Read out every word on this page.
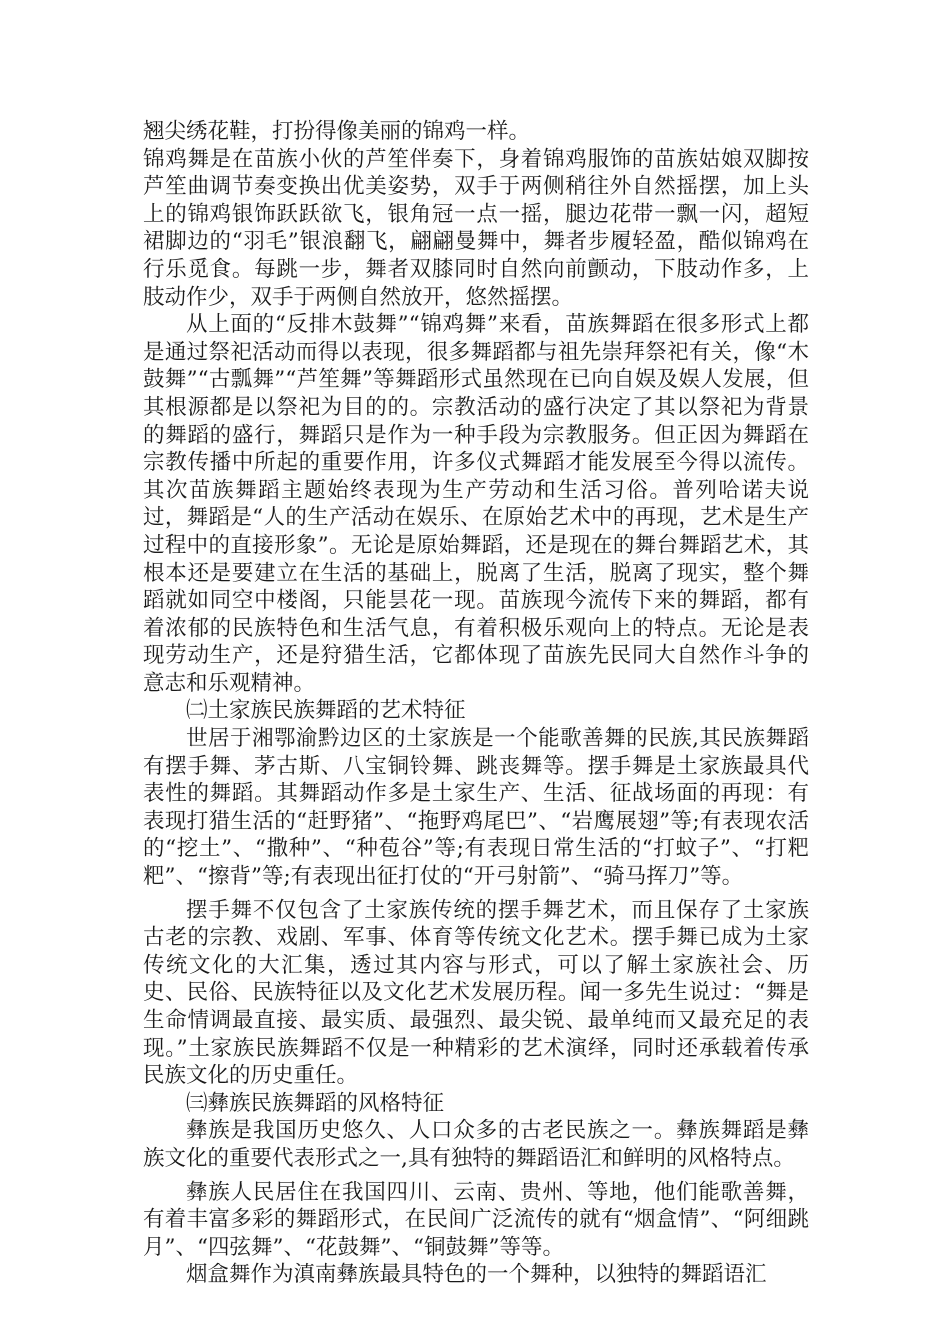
翘尖绣花鞋，打扮得像美丽的锦鸡一样。

锦鸡舞是在苗族小伙的芦笙伴奏下，身着锦鸡服饰的苗族姑娘双脚按芦笙曲调节奏变换出优美姿势，双手于两侧稍往外自然摇摆，加上头上的锦鸡银饰跃跃欲飞，银角冠一点一摇，腿边花带一飘一闪，超短裙脚边的“羽毛”银浪翻飞，翩翩曼舞中，舞者步履轻盈，酷似锦鸡在行乐觅食。每跳一步，舞者双膝同时自然向前颤动，下肢动作多，上肢动作少，双手于两侧自然放开，悠然摇摆。

从上面的“反排木鼓舞”“锦鸡舞”来看，苗族舞蹈在很多形式上都是通过祭祀活动而得以表现，很多舞蹈都与祖先崇拜祭祀有关，像“木鼓舞”“古瓢舞”“芦笙舞”等舞蹈形式虽然现在已向自娱及娱人发展，但其根源都是以祭祀为目的的。宗教活动的盛行决定了其以祭祀为背景的舞蹈的盛行，舞蹈只是作为一种手段为宗教服务。但正因为舞蹈在宗教传播中所起的重要作用，许多仪式舞蹈才能发展至今得以流传。其次苗族舞蹈主题始终表现为生产劳动和生活习俗。普列哈诺夫说过，舞蹈是“人的生产活动在娱乐、在原始艺术中的再现，艺术是生产过程中的直接形象”。无论是原始舞蹈，还是现在的舞台舞蹈艺术，其根本还是要建立在生活的基础上，脱离了生活，脱离了现实，整个舞蹈就如同空中楼阁，只能昙花一现。苗族现今流传下来的舞蹈，都有着浓郁的民族特色和生活气息，有着积极乐观向上的特点。无论是表现劳动生产，还是狩猎生活，它都体现了苗族先民同大自然作斗争的意志和乐观精神。

㈡土家族民族舞蹈的艺术特征

世居于湘鄂渝黔边区的土家族是一个能歌善舞的民族,其民族舞蹈有摆手舞、茅古斯、八宝铜铃舞、跳丧舞等。摆手舞是土家族最具代表性的舞蹈。其舞蹈动作多是土家生产、生活、征战场面的再现：有表现打猎生活的“赶野猪”、“拖野鸡尾巴”、“岩鹰展翅”等;有表现农活的“挖土”、“撒种”、“种苞谷”等;有表现日常生活的“打蚊子”、“打粑粑”、“擦背”等;有表现出征打仗的“开弓射箭”、“骑马挥刀”等。

摆手舞不仅包含了土家族传统的摆手舞艺术，而且保存了土家族古老的宗教、戏剧、军事、体育等传统文化艺术。摆手舞已成为土家传统文化的大汇集，透过其内容与形式，可以了解土家族社会、历史、民俗、民族特征以及文化艺术发展历程。闻一多先生说过：“舞是生命情调最直接、最实质、最强烈、最尖锐、最单纯而又最充足的表现。”土家族民族舞蹈不仅是一种精彩的艺术演绎，同时还承载着传承民族文化的历史重任。

㈢彝族民族舞蹈的风格特征

彝族是我国历史悠久、人口众多的古老民族之一。彝族舞蹈是彝族文化的重要代表形式之一,具有独特的舞蹈语汇和鲜明的风格特点。

彝族人民居住在我国四川、云南、贵州、等地，他们能歌善舞，有着丰富多彩的舞蹈形式，在民间广泛流传的就有“烟盒情”、“阿细跳月”、“四弦舞”、“花鼓舞”、“铜鼓舞”等等。

烟盒舞作为滇南彝族最具特色的一个舞种，以独特的舞蹈语汇
